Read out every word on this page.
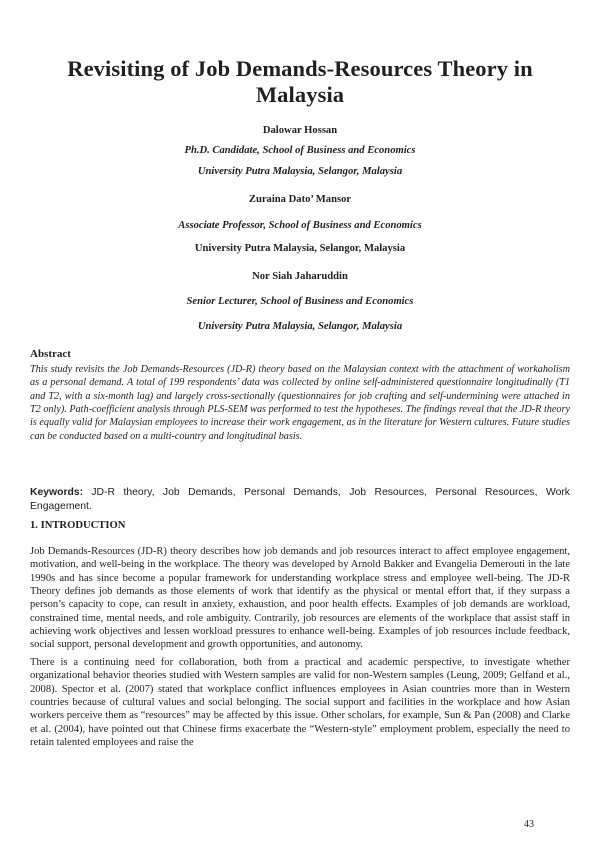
Revisiting of Job Demands-Resources Theory in Malaysia
Dalowar Hossan
Ph.D. Candidate, School of Business and Economics
University Putra Malaysia, Selangor, Malaysia
Zuraina Dato’ Mansor
Associate Professor, School of Business and Economics
University Putra Malaysia, Selangor, Malaysia
Nor Siah Jaharuddin
Senior Lecturer, School of Business and Economics
University Putra Malaysia, Selangor, Malaysia
Abstract
This study revisits the Job Demands-Resources (JD-R) theory based on the Malaysian context with the attachment of workaholism as a personal demand. A total of 199 respondents’ data was collected by online self-administered questionnaire longitudinally (T1 and T2, with a six-month lag) and largely cross-sectionally (questionnaires for job crafting and self-undermining were attached in T2 only). Path-coefficient analysis through PLS-SEM was performed to test the hypotheses. The findings reveal that the JD-R theory is equally valid for Malaysian employees to increase their work engagement, as in the literature for Western cultures. Future studies can be conducted based on a multi-country and longitudinal basis.
Keywords: JD-R theory, Job Demands, Personal Demands, Job Resources, Personal Resources, Work Engagement.
1. INTRODUCTION
Job Demands-Resources (JD-R) theory describes how job demands and job resources interact to affect employee engagement, motivation, and well-being in the workplace. The theory was developed by Arnold Bakker and Evangelia Demerouti in the late 1990s and has since become a popular framework for understanding workplace stress and employee well-being. The JD-R Theory defines job demands as those elements of work that identify as the physical or mental effort that, if they surpass a person’s capacity to cope, can result in anxiety, exhaustion, and poor health effects. Examples of job demands are workload, constrained time, mental needs, and role ambiguity. Contrarily, job resources are elements of the workplace that assist staff in achieving work objectives and lessen workload pressures to enhance well-being. Examples of job resources include feedback, social support, personal development and growth opportunities, and autonomy.
There is a continuing need for collaboration, both from a practical and academic perspective, to investigate whether organizational behavior theories studied with Western samples are valid for non-Western samples (Leung, 2009; Gelfand et al., 2008). Spector et al. (2007) stated that workplace conflict influences employees in Asian countries more than in Western countries because of cultural values and social belonging. The social support and facilities in the workplace and how Asian workers perceive them as “resources” may be affected by this issue. Other scholars, for example, Sun & Pan (2008) and Clarke et al. (2004), have pointed out that Chinese firms exacerbate the “Western-style” employment problem, especially the need to retain talented employees and raise the
43
